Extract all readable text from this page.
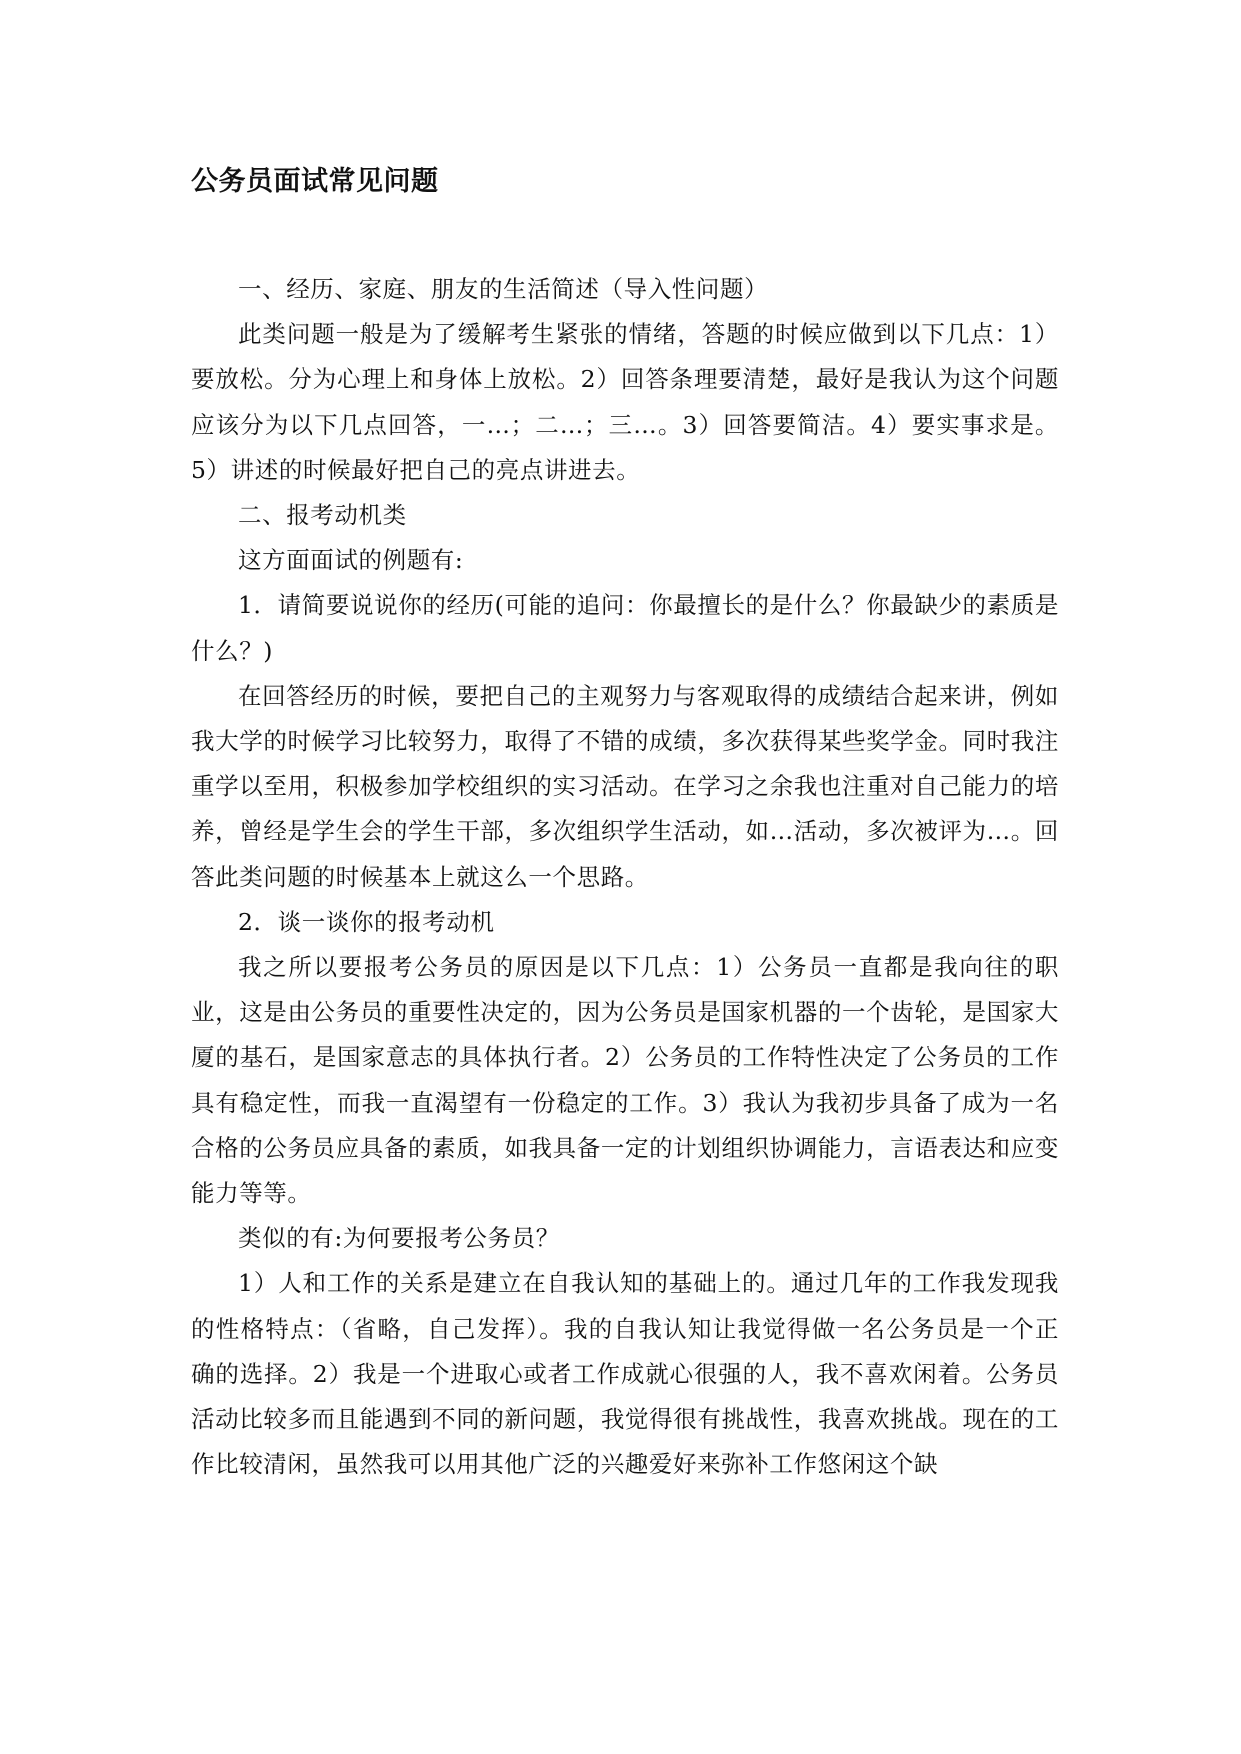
公务员面试常见问题

一、经历、家庭、朋友的生活简述（导入性问题）

此类问题一般是为了缓解考生紧张的情绪，答题的时候应做到以下几点：1）要放松。分为心理上和身体上放松。2）回答条理要清楚，最好是我认为这个问题应该分为以下几点回答，一…；二…；三…。3）回答要简洁。4）要实事求是。5）讲述的时候最好把自己的亮点讲进去。

二、报考动机类

这方面面试的例题有:

1．请简要说说你的经历(可能的追问：你最擅长的是什么？你最缺少的素质是什么？)

在回答经历的时候，要把自己的主观努力与客观取得的成绩结合起来讲，例如我大学的时候学习比较努力，取得了不错的成绩，多次获得某些奖学金。同时我注重学以至用，积极参加学校组织的实习活动。在学习之余我也注重对自己能力的培养，曾经是学生会的学生干部，多次组织学生活动，如…活动，多次被评为…。回答此类问题的时候基本上就这么一个思路。

2．谈一谈你的报考动机

我之所以要报考公务员的原因是以下几点：1）公务员一直都是我向往的职业，这是由公务员的重要性决定的，因为公务员是国家机器的一个齿轮，是国家大厦的基石，是国家意志的具体执行者。2）公务员的工作特性决定了公务员的工作具有稳定性，而我一直渴望有一份稳定的工作。3）我认为我初步具备了成为一名合格的公务员应具备的素质，如我具备一定的计划组织协调能力，言语表达和应变能力等等。

类似的有:为何要报考公务员？

1）人和工作的关系是建立在自我认知的基础上的。通过几年的工作我发现我的性格特点：（省略，自己发挥）。我的自我认知让我觉得做一名公务员是一个正确的选择。2）我是一个进取心或者工作成就心很强的人，我不喜欢闲着。公务员活动比较多而且能遇到不同的新问题，我觉得很有挑战性，我喜欢挑战。现在的工作比较清闲，虽然我可以用其他广泛的兴趣爱好来弥补工作悠闲这个缺
